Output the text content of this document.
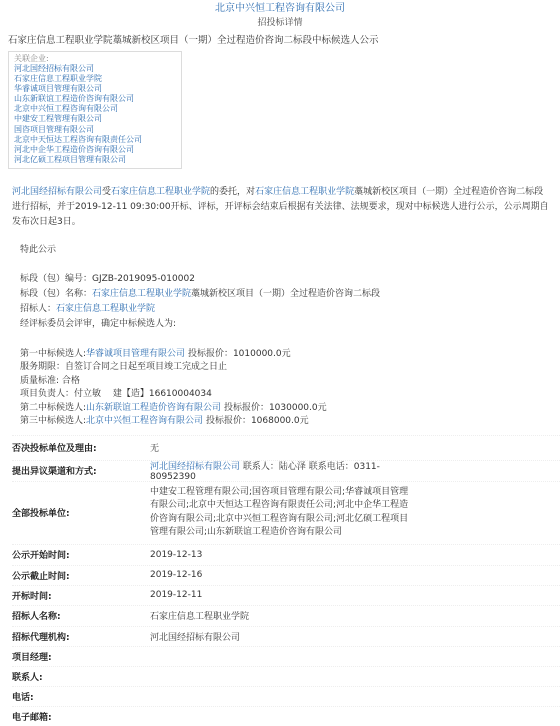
北京中兴恒工程咨询有限公司
招投标详情
石家庄信息工程职业学院藁城新校区项目（一期）全过程造价咨询二标段中标候选人公示
关联企业:
河北国经招标有限公司
石家庄信息工程职业学院
华睿诚项目管理有限公司
山东新联谊工程造价咨询有限公司
北京中兴恒工程咨询有限公司
中建安工程管理有限公司
国咨项目管理有限公司
北京中天恒达工程咨询有限责任公司
河北中企华工程造价咨询有限公司
河北亿硕工程项目管理有限公司
河北国经招标有限公司受石家庄信息工程职业学院的委托，对石家庄信息工程职业学院藁城新校区项目（一期）全过程造价咨询二标段进行招标，并于2019-12-11 09:30:00开标、评标，开评标会结束后根据有关法律、法规要求，现对中标候选人进行公示，公示周期自发布次日起3日。
特此公示
标段（包）编号：GJZB-2019095-010002
标段（包）名称：石家庄信息工程职业学院藁城新校区项目（一期）全过程造价咨询二标段
招标人：石家庄信息工程职业学院
经评标委员会评审，确定中标候选人为:
第一中标候选人:华睿诚项目管理有限公司 投标报价：1010000.0元
服务期限：自签订合同之日起至项目竣工完成之日止
质量标准: 合格
项目负责人：付立敏　 建【造】16610004034
第二中标候选人:山东新联谊工程造价咨询有限公司 投标报价：1030000.0元
第三中标候选人:北京中兴恒工程咨询有限公司 投标报价：1068000.0元
否决投标单位及理由:	无
提出异议渠道和方式:	河北国经招标有限公司 联系人：陆心泽 联系电话：0311-80952390
全部投标单位:
中建安工程管理有限公司;国咨项目管理有限公司;华睿诚项目管理有限公司;北京中天恒达工程咨询有限责任公司;河北中企华工程造价咨询有限公司;北京中兴恒工程咨询有限公司;河北亿硕工程项目管理有限公司;山东新联谊工程造价咨询有限公司
公示开始时间:	2019-12-13
公示截止时间:	2019-12-16
开标时间:	2019-12-11
招标人名称:	石家庄信息工程职业学院
招标代理机构:	河北国经招标有限公司
项目经理:
联系人:
电话:
电子邮箱:
